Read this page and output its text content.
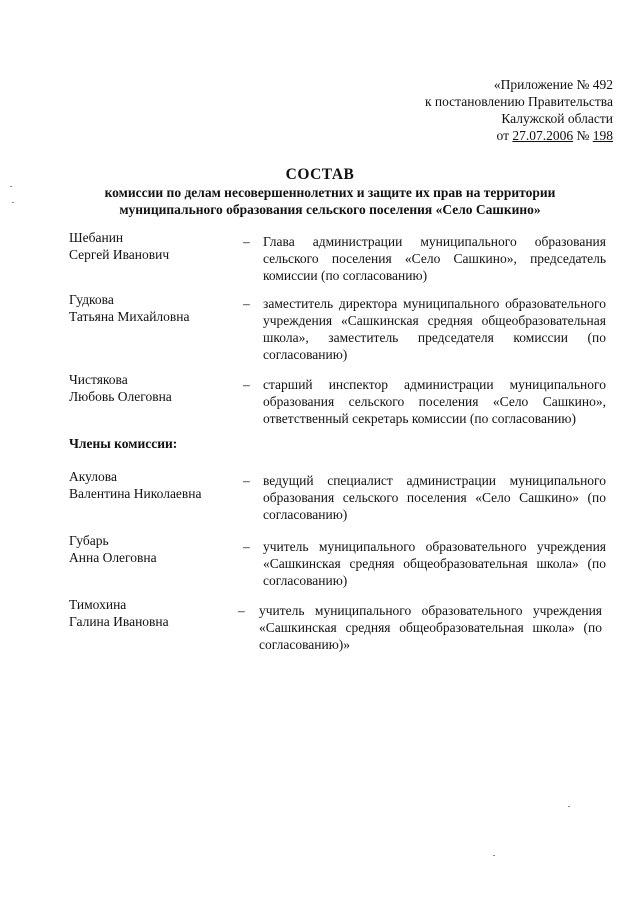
«Приложение № 492
к постановлению Правительства
Калужской области
от 27.07.2006 № 198
СОСТАВ
комиссии по делам несовершеннолетних и защите их прав на территории муниципального образования сельского поселения «Село Сашкино»
Шебанин
Сергей Иванович
– Глава администрации муниципального образования сельского поселения «Село Сашкино», председатель комиссии (по согласованию)
Гудкова
Татьяна Михайловна
– заместитель директора муниципального образовательного учреждения «Сашкинская средняя общеобразовательная школа», заместитель председателя комиссии (по согласованию)
Чистякова
Любовь Олеговна
– старший инспектор администрации муниципального образования сельского поселения «Село Сашкино», ответственный секретарь комиссии (по согласованию)
Члены комиссии:
Акулова
Валентина Николаевна
– ведущий специалист администрации муниципального образования сельского поселения «Село Сашкино» (по согласованию)
Губарь
Анна Олеговна
– учитель муниципального образовательного учреждения «Сашкинская средняя общеобразовательная школа» (по согласованию)
Тимохина
Галина Ивановна
– учитель муниципального образовательного учреждения «Сашкинская средняя общеобразовательная школа» (по согласованию)»
